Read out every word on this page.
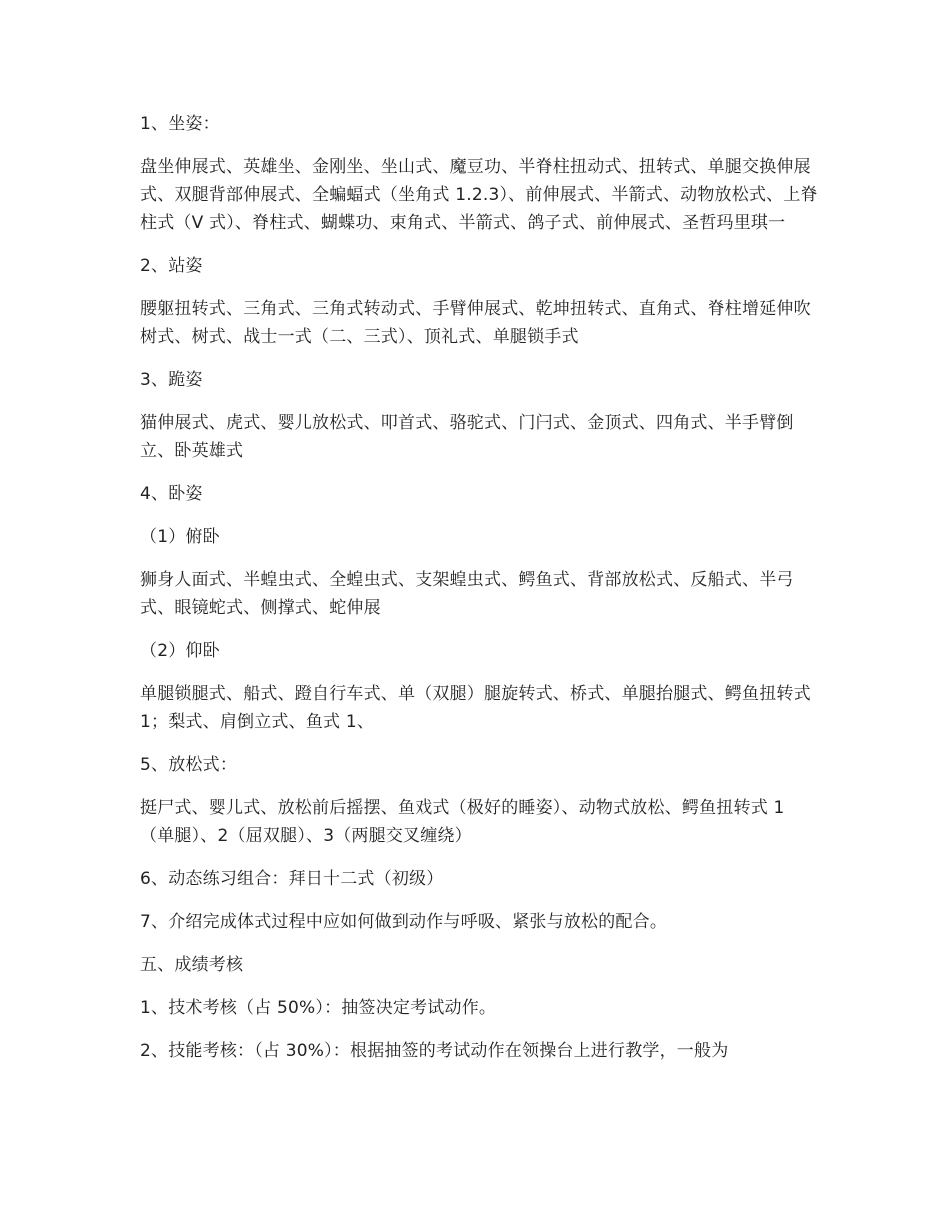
1、坐姿：

盘坐伸展式、英雄坐、金刚坐、坐山式、魔豆功、半脊柱扭动式、扭转式、单腿交换伸展式、双腿背部伸展式、全蝙蝠式（坐角式 1.2.3）、前伸展式、半箭式、动物放松式、上脊柱式（V 式）、脊柱式、蝴蝶功、束角式、半箭式、鸽子式、前伸展式、圣哲玛里琪一

2、站姿

腰躯扭转式、三角式、三角式转动式、手臂伸展式、乾坤扭转式、直角式、脊柱增延伸吹树式、树式、战士一式（二、三式）、顶礼式、单腿锁手式

3、跪姿

猫伸展式、虎式、婴儿放松式、叩首式、骆驼式、门闩式、金顶式、四角式、半手臂倒立、卧英雄式

4、卧姿

（1）俯卧

狮身人面式、半蝗虫式、全蝗虫式、支架蝗虫式、鳄鱼式、背部放松式、反船式、半弓式、眼镜蛇式、侧撑式、蛇伸展

（2）仰卧

单腿锁腿式、船式、蹬自行车式、单（双腿）腿旋转式、桥式、单腿抬腿式、鳄鱼扭转式 1；梨式、肩倒立式、鱼式 1、

5、放松式：

挺尸式、婴儿式、放松前后摇摆、鱼戏式（极好的睡姿）、动物式放松、鳄鱼扭转式 1 （单腿）、2（屈双腿）、3（两腿交叉缠绕）

6、动态练习组合：拜日十二式（初级）

7、介绍完成体式过程中应如何做到动作与呼吸、紧张与放松的配合。

五、成绩考核

1、技术考核（占 50%）：抽签决定考试动作。

2、技能考核：（占 30%）：根据抽签的考试动作在领操台上进行教学，一般为
